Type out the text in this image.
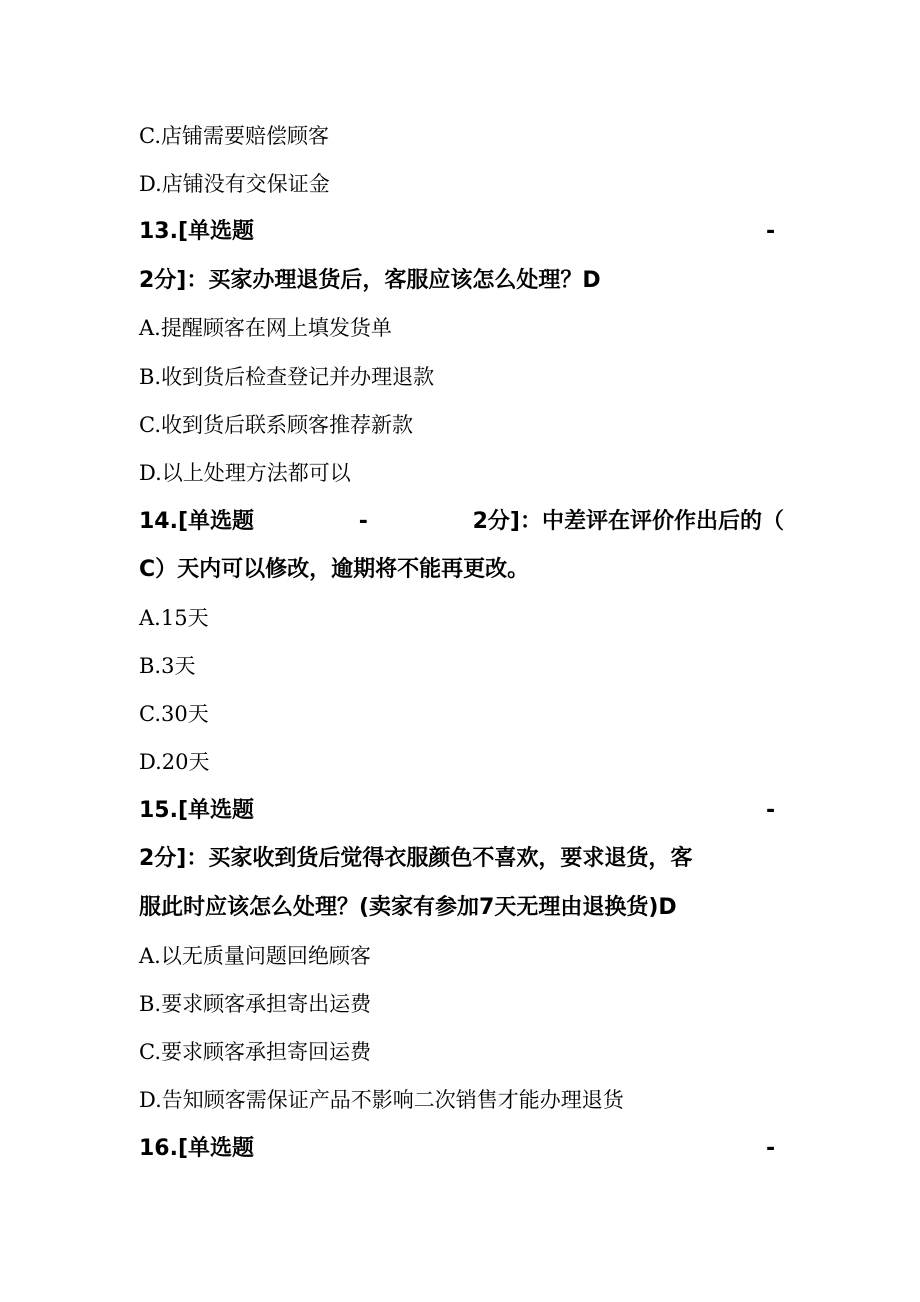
C.店铺需要赔偿顾客
D.店铺没有交保证金
13.[单选题	-
2分]：买家办理退货后，客服应该怎么处理？D
A.提醒顾客在网上填发货单
B.收到货后检查登记并办理退款
C.收到货后联系顾客推荐新款
D.以上处理方法都可以
14.[单选题	-	2分]：中差评在评价作出后的（
C）天内可以修改，逾期将不能再更改。
A.15天
B.3天
C.30天
D.20天
15.[单选题	-
2分]：买家收到货后觉得衣服颜色不喜欢，要求退货，客
服此时应该怎么处理？(卖家有参加7天无理由退换货)D
A.以无质量问题回绝顾客
B.要求顾客承担寄出运费
C.要求顾客承担寄回运费
D.告知顾客需保证产品不影响二次销售才能办理退货
16.[单选题	-
